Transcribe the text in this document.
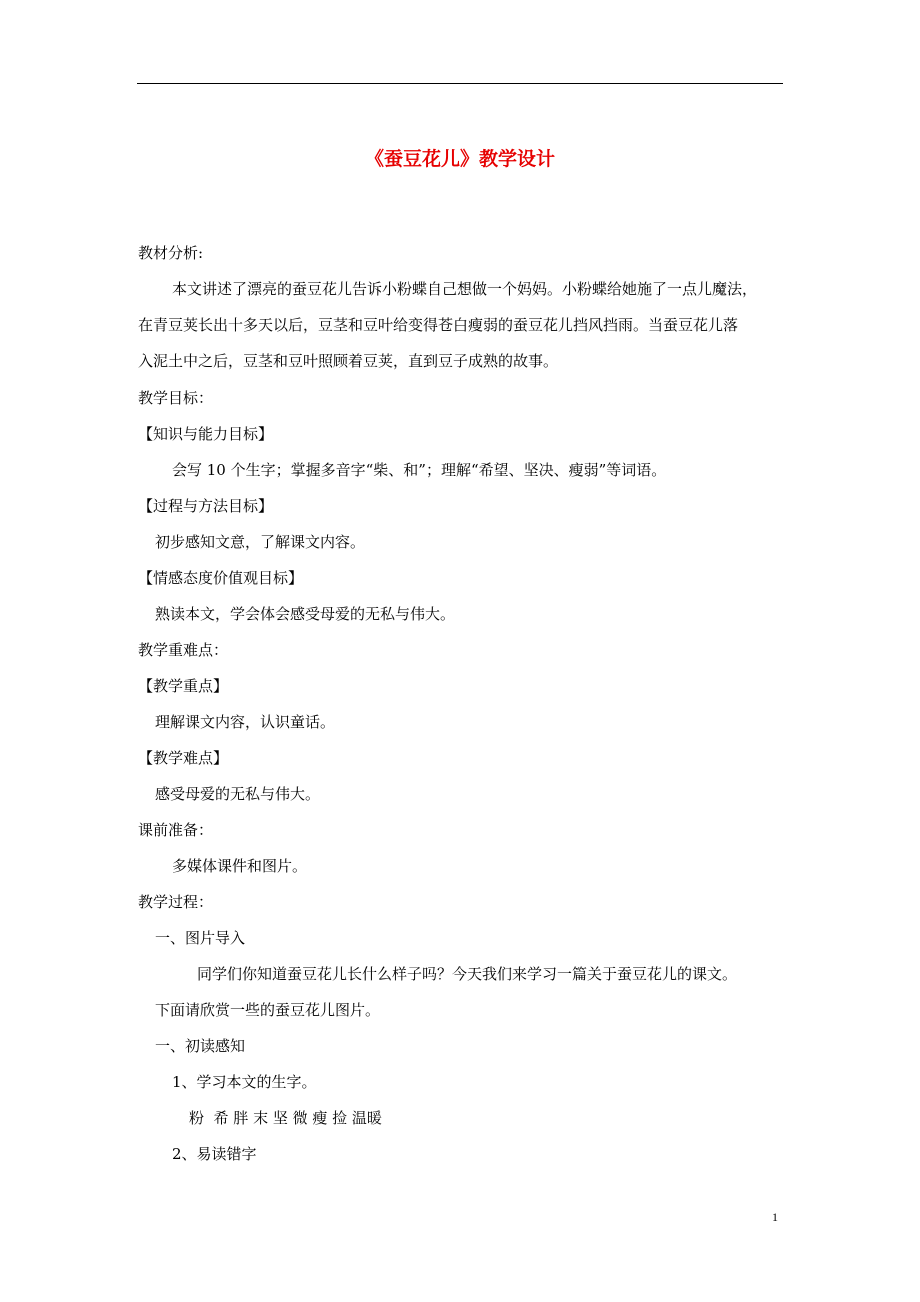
《蚕豆花儿》教学设计
教材分析:
本文讲述了漂亮的蚕豆花儿告诉小粉蝶自己想做一个妈妈。小粉蝶给她施了一点儿魔法，
在青豆荚长出十多天以后，豆茎和豆叶给变得苍白瘦弱的蚕豆花儿挡风挡雨。当蚕豆花儿落
入泥土中之后，豆茎和豆叶照顾着豆荚，直到豆子成熟的故事。
教学目标：
【知识与能力目标】
会写 10 个生字；掌握多音字“柴、和”；理解“希望、坚决、瘦弱”等词语。
【过程与方法目标】
初步感知文意，了解课文内容。
【情感态度价值观目标】
熟读本文，学会体会感受母爱的无私与伟大。
教学重难点：
【教学重点】
理解课文内容，认识童话。
【教学难点】
感受母爱的无私与伟大。
课前准备：
多媒体课件和图片。
教学过程：
一、图片导入
同学们你知道蚕豆花儿长什么样子吗？今天我们来学习一篇关于蚕豆花儿的课文。
下面请欣赏一些的蚕豆花儿图片。
一、初读感知
1、学习本文的生字。
粉  希 胖 末 坚 微 瘦 捡 温暖
2、易读错字
1
